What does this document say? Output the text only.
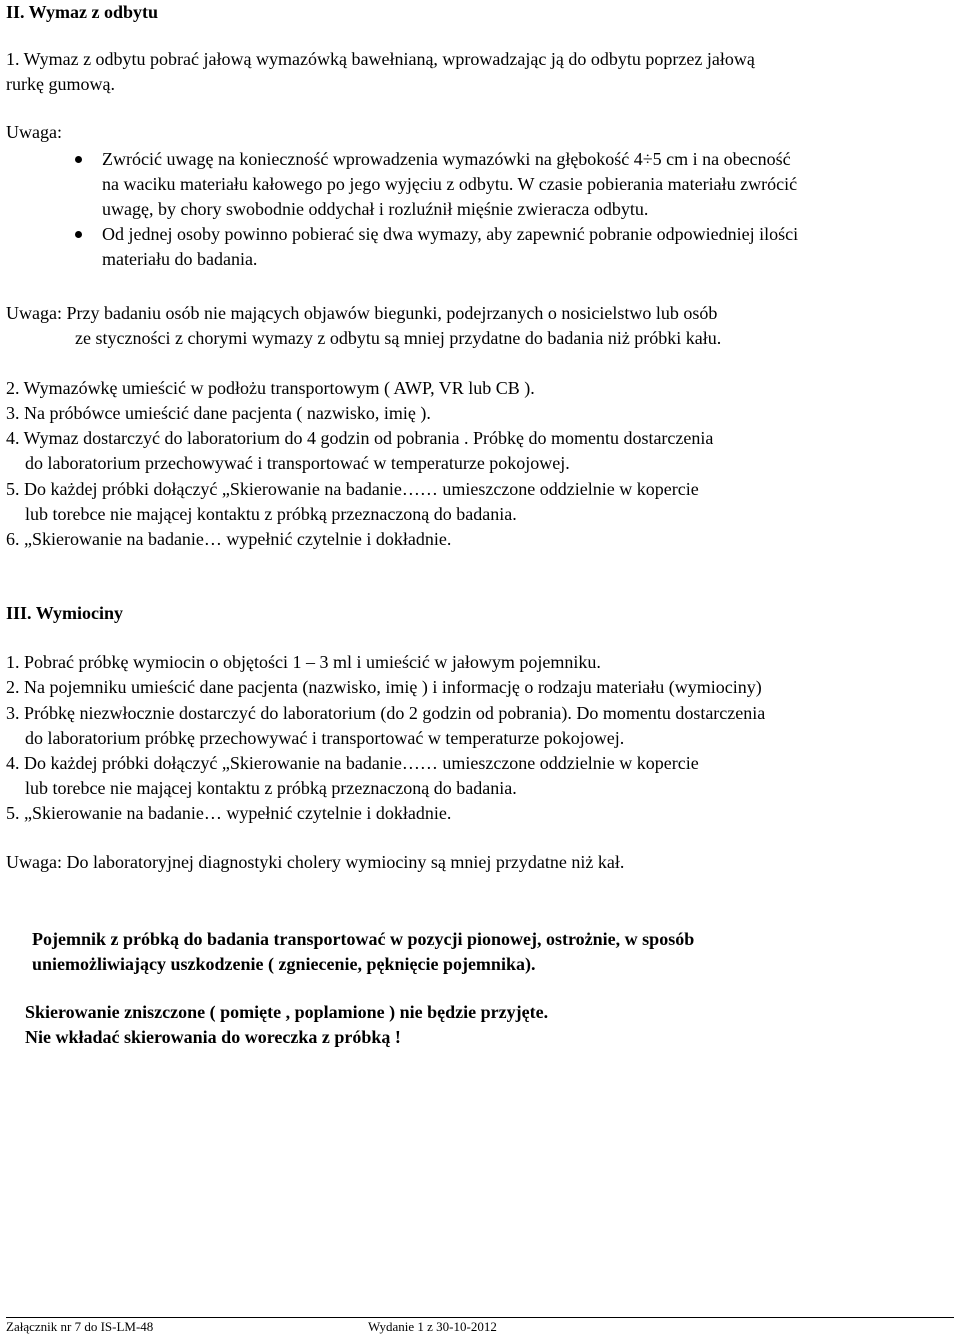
II. Wymaz z odbytu
1. Wymaz z odbytu pobrać jałową wymazówką bawełnianą, wprowadzając ją do odbytu poprzez jałową
rurkę gumową.
Uwaga:
Zwrócić uwagę na konieczność wprowadzenia wymazówki na głębokość 4÷5 cm i na obecność
na waciku materiału kałowego po jego wyjęciu z odbytu. W czasie pobierania materiału zwrócić
uwagę, by chory swobodnie oddychał i rozluźnił mięśnie zwieracza odbytu.
Od jednej osoby powinno pobierać się dwa wymazy, aby zapewnić pobranie odpowiedniej ilości
materiału do badania.
Uwaga: Przy badaniu osób nie mających objawów biegunki, podejrzanych o nosicielstwo lub osób
ze styczności z chorymi wymazy z odbytu są mniej przydatne do badania niż próbki kału.
2. Wymazówkę umieścić w podłożu transportowym ( AWP, VR lub CB ).
3. Na próbówce umieścić dane pacjenta ( nazwisko, imię ).
4. Wymaz dostarczyć do laboratorium do 4 godzin od pobrania . Próbkę do momentu dostarczenia
do laboratorium przechowywać i transportować w temperaturze pokojowej.
5. Do każdej próbki dołączyć „Skierowanie na badanie…… umieszczone oddzielnie w kopercie
lub torebce nie mającej kontaktu z próbką przeznaczoną do badania.
6. „Skierowanie na badanie… wypełnić czytelnie i dokładnie.
III. Wymiociny
1. Pobrać próbkę wymiocin o objętości 1 – 3 ml i umieścić w jałowym pojemniku.
2. Na pojemniku umieścić dane pacjenta (nazwisko, imię ) i informację o rodzaju materiału (wymiociny)
3. Próbkę niezwłocznie dostarczyć do laboratorium (do 2 godzin od pobrania). Do momentu dostarczenia
do laboratorium próbkę przechowywać i transportować w temperaturze pokojowej.
4. Do każdej próbki dołączyć „Skierowanie na badanie…… umieszczone oddzielnie w kopercie
lub torebce nie mającej kontaktu z próbką przeznaczoną do badania.
5. „Skierowanie na badanie… wypełnić czytelnie i dokładnie.
Uwaga: Do laboratoryjnej diagnostyki cholery wymiociny są mniej przydatne niż kał.
Pojemnik z próbką do badania transportować w pozycji pionowej, ostrożnie, w sposób
uniemożliwiający uszkodzenie ( zgniecenie, pęknięcie pojemnika).
Skierowanie zniszczone ( pomięte , poplamione ) nie będzie przyjęte.
Nie wkładać skierowania do woreczka z próbką !
Załącznik nr 7 do IS-LM-48	Wydanie 1 z 30-10-2012
